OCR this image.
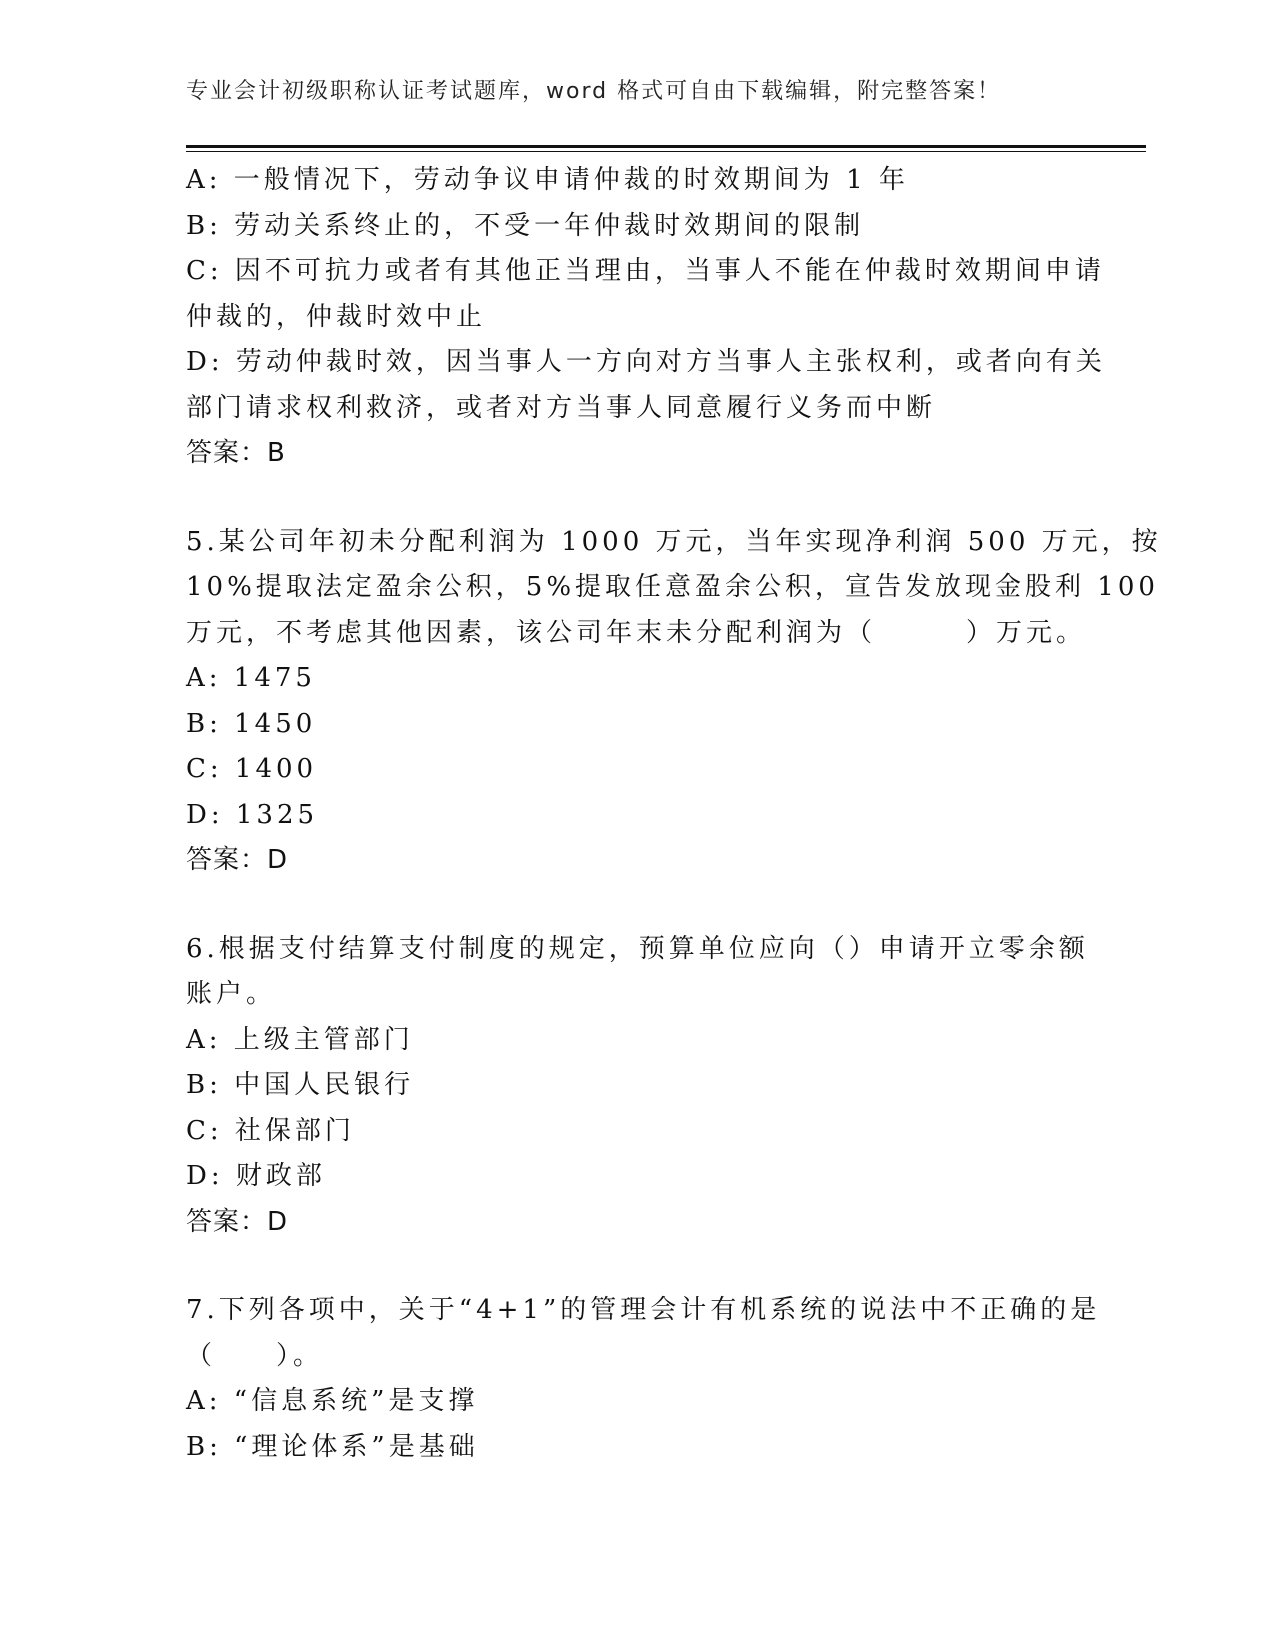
专业会计初级职称认证考试题库，word 格式可自由下载编辑，附完整答案！
A: 一般情况下，劳动争议申请仲裁的时效期间为 1 年
B: 劳动关系终止的，不受一年仲裁时效期间的限制
C: 因不可抗力或者有其他正当理由，当事人不能在仲裁时效期间申请
仲裁的，仲裁时效中止
D: 劳动仲裁时效，因当事人一方向对方当事人主张权利，或者向有关
部门请求权利救济，或者对方当事人同意履行义务而中断
答案：B
5.某公司年初未分配利润为 1000 万元，当年实现净利润 500 万元，按
10%提取法定盈余公积，5%提取任意盈余公积，宣告发放现金股利 100
万元，不考虑其他因素，该公司年末未分配利润为（　　　）万元。
A: 1475
B: 1450
C: 1400
D: 1325
答案：D
6.根据支付结算支付制度的规定，预算单位应向（）申请开立零余额
账户。
A: 上级主管部门
B: 中国人民银行
C: 社保部门
D: 财政部
答案：D
7.下列各项中，关于“4+1”的管理会计有机系统的说法中不正确的是
（　　）。
A: “信息系统”是支撑
B: “理论体系”是基础
